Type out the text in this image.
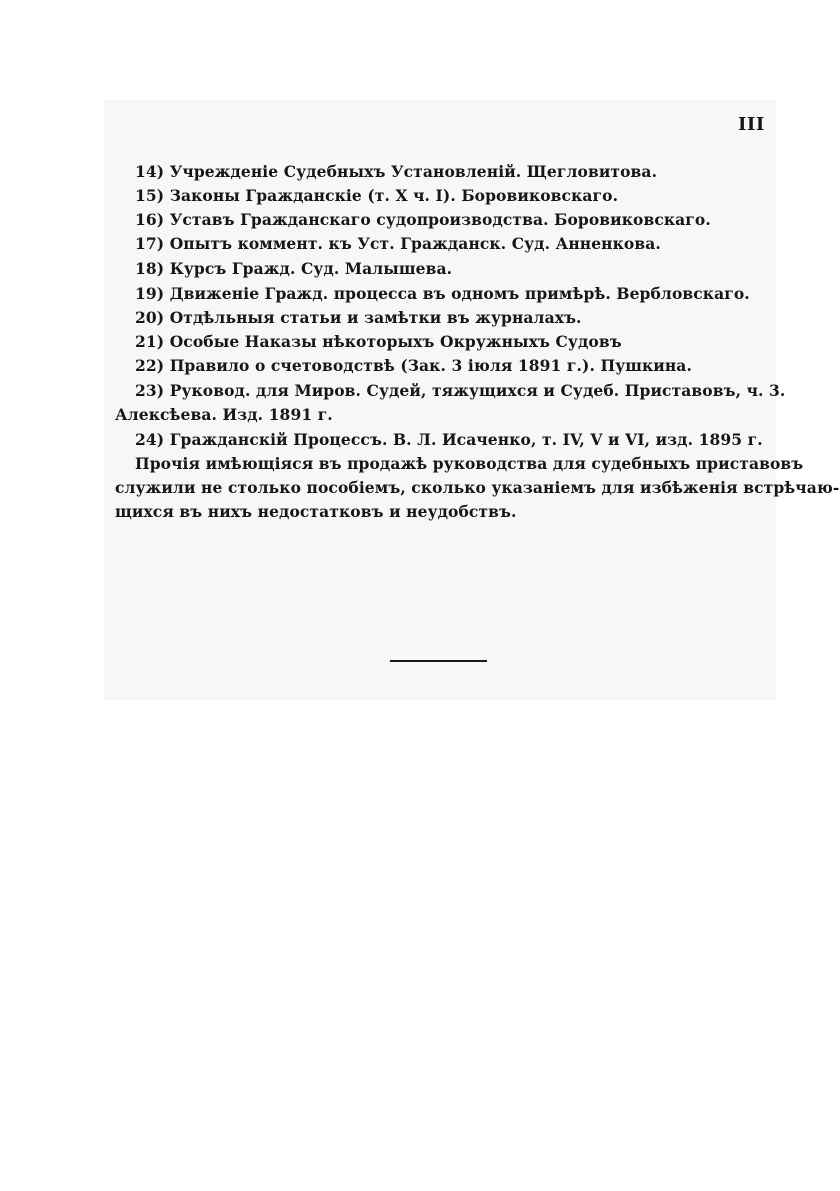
III
14) Учрежденіе Судебныхъ Установленій. Щегловитова.
15) Законы Гражданскіе (т. X ч. I). Боровиковскаго.
16) Уставъ Гражданскаго судопроизводства. Боровиковскаго.
17) Опытъ коммент. къ Уст. Гражданск. Суд. Анненкова.
18) Курсъ Гражд. Суд. Малышева.
19) Движеніе Гражд. процесса въ одномъ примѣрѣ. Вербловскаго.
20) Отдѣльныя статьи и замѣтки въ журналахъ.
21) Особые Наказы нѣкоторыхъ Окружныхъ Судовъ
22) Правило о счетоводствѣ (Зак. 3 іюля 1891 г.). Пушкина.
23) Руковод. для Миров. Судей, тяжущихся и Судеб. Приставовъ, ч. 3.
Алексѣева. Изд. 1891 г.
24) Гражданскій Процессъ. В. Л. Исаченко, т. IV, V и VI, изд. 1895 г.
Прочія имѣющіяся въ продажѣ руководства для судебныхъ приставовъ
служили не столько пособіемъ, сколько указаніемъ для избѣженія встрѣчаю-
щихся въ нихъ недостатковъ и неудобствъ.
